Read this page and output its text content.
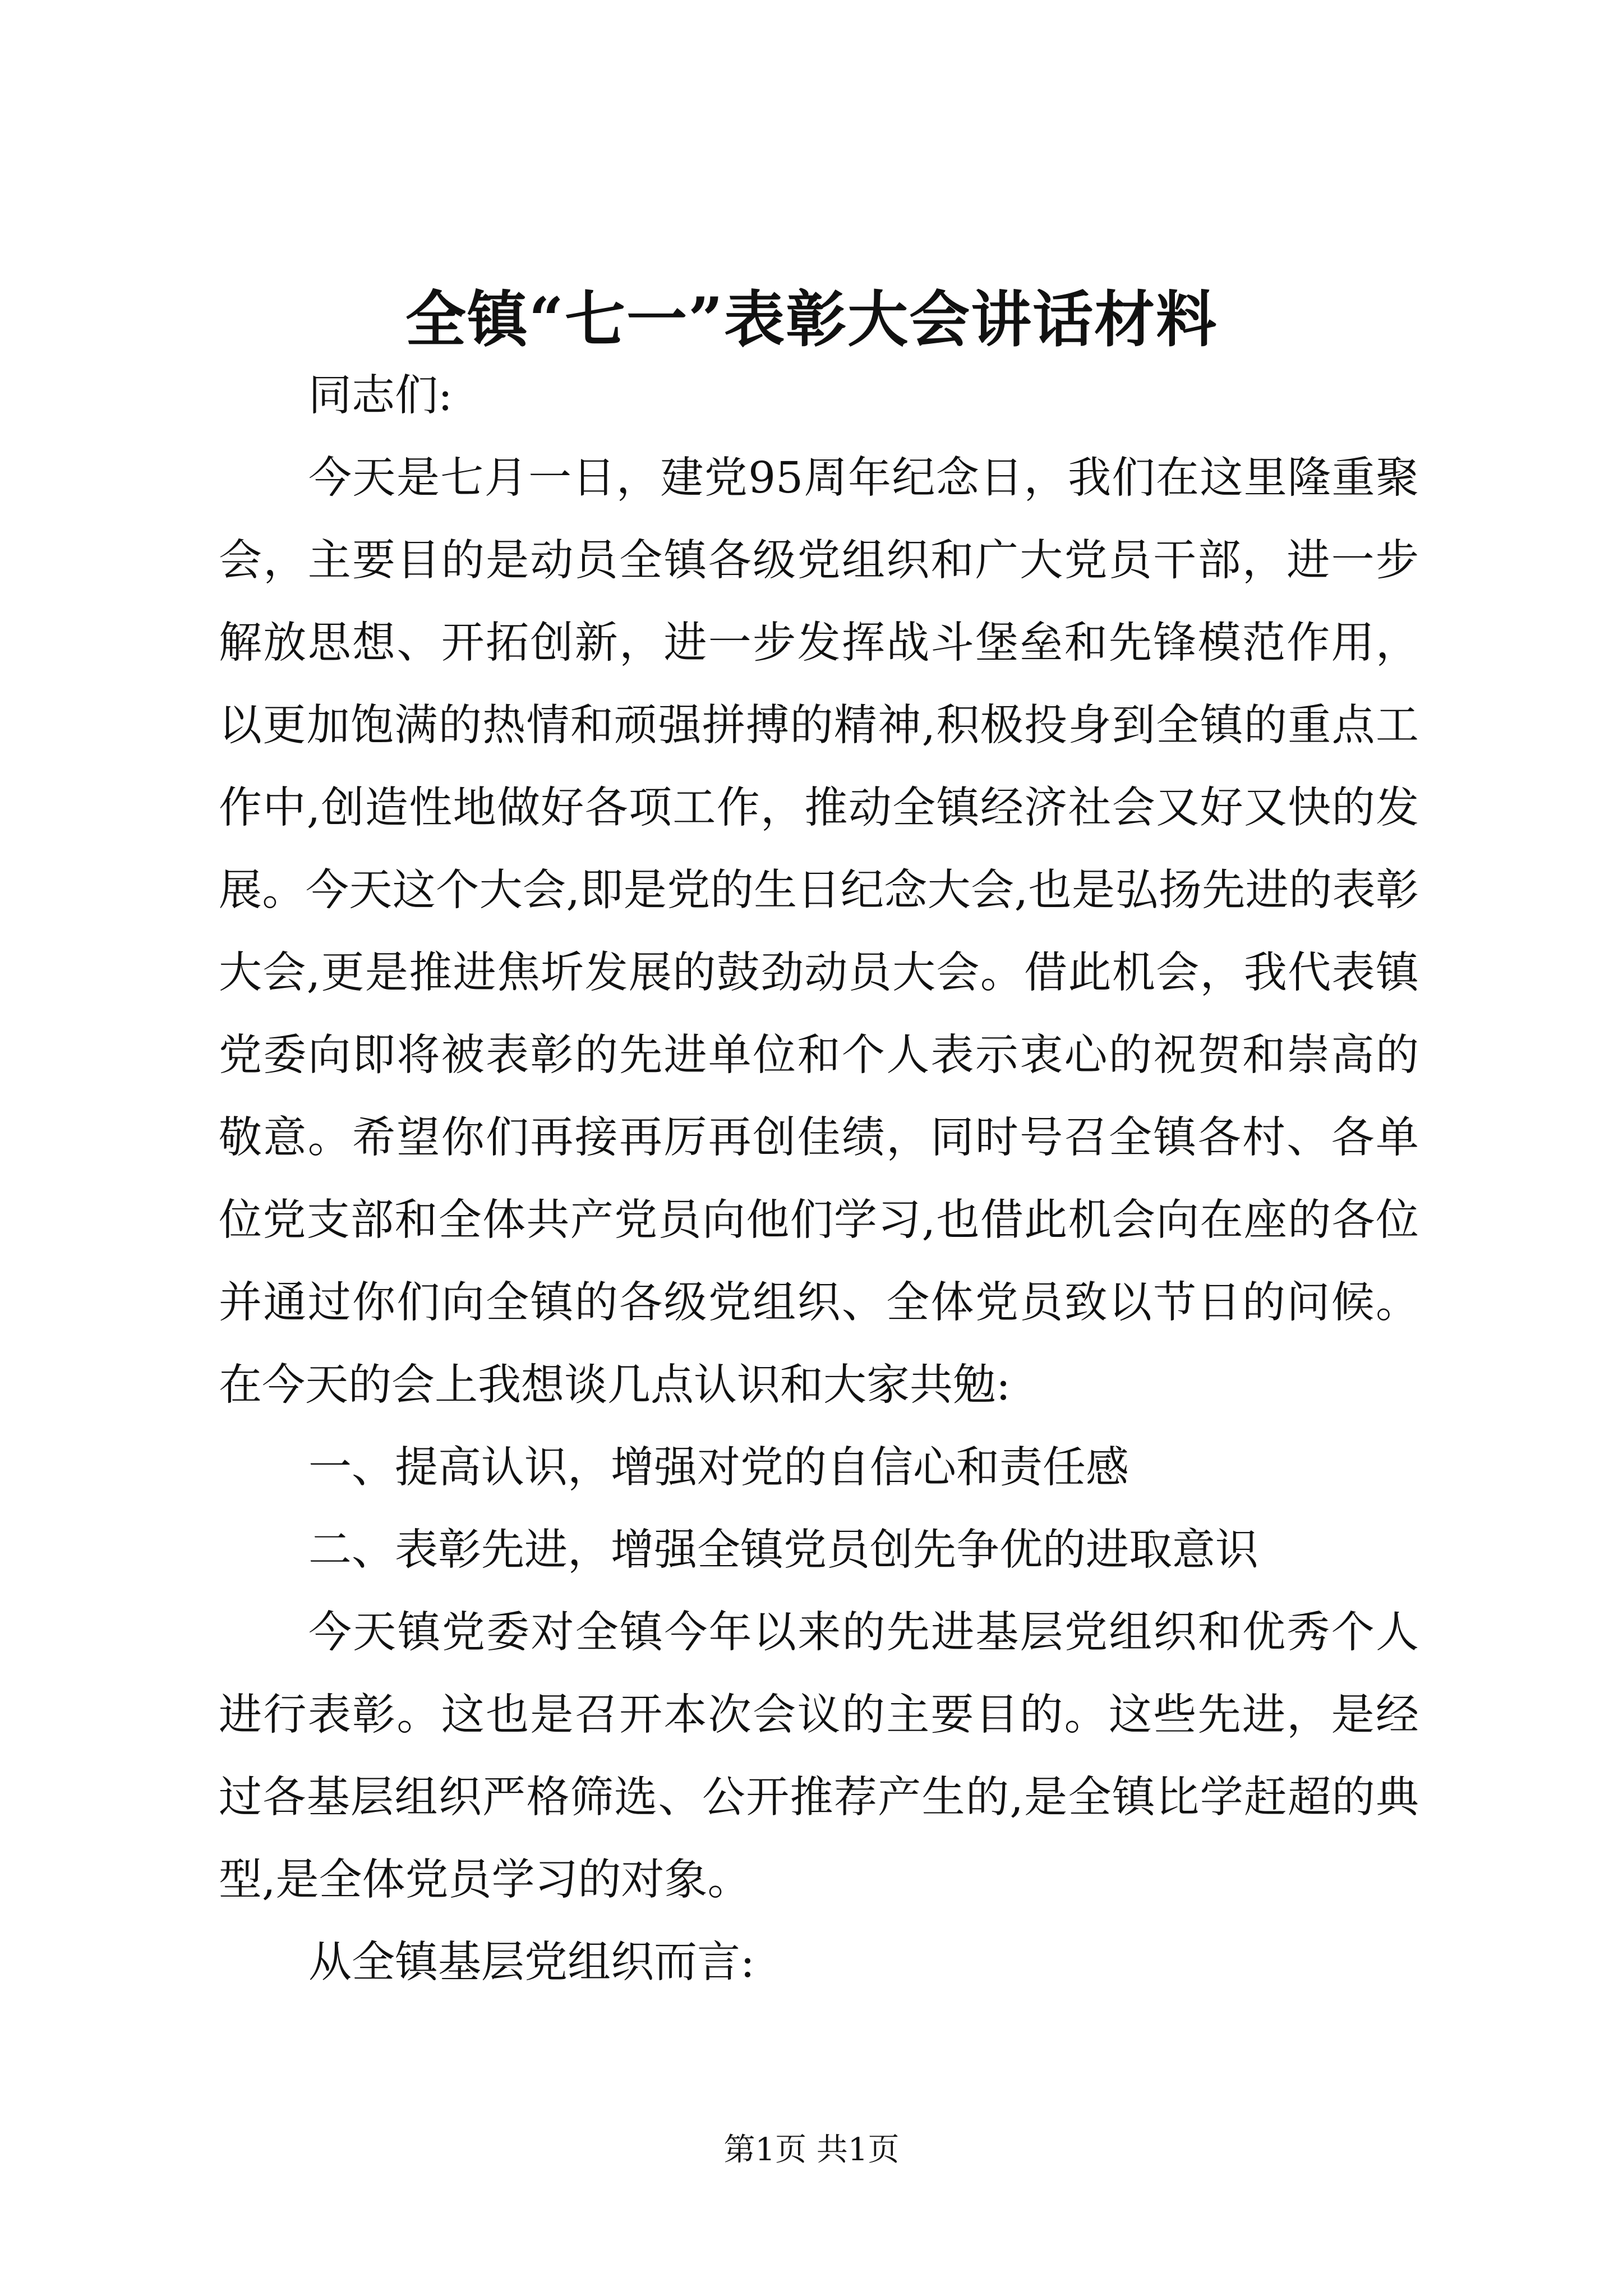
全镇“七一”表彰大会讲话材料

同志们:

今天是七月一日，建党95周年纪念日，我们在这里隆重聚会，主要目的是动员全镇各级党组织和广大党员干部，进一步解放思想、开拓创新，进一步发挥战斗堡垒和先锋模范作用，以更加饱满的热情和顽强拼搏的精神,积极投身到全镇的重点工作中,创造性地做好各项工作，推动全镇经济社会又好又快的发展。今天这个大会,即是党的生日纪念大会,也是弘扬先进的表彰大会,更是推进焦圻发展的鼓劲动员大会。借此机会，我代表镇党委向即将被表彰的先进单位和个人表示衷心的祝贺和崇高的敬意。希望你们再接再厉再创佳绩，同时号召全镇各村、各单位党支部和全体共产党员向他们学习,也借此机会向在座的各位并通过你们向全镇的各级党组织、全体党员致以节日的问候。在今天的会上我想谈几点认识和大家共勉:

一、提高认识，增强对党的自信心和责任感

二、表彰先进，增强全镇党员创先争优的进取意识

今天镇党委对全镇今年以来的先进基层党组织和优秀个人进行表彰。这也是召开本次会议的主要目的。这些先进，是经过各基层组织严格筛选、公开推荐产生的,是全镇比学赶超的典型,是全体党员学习的对象。

从全镇基层党组织而言:

第1页 共1页
